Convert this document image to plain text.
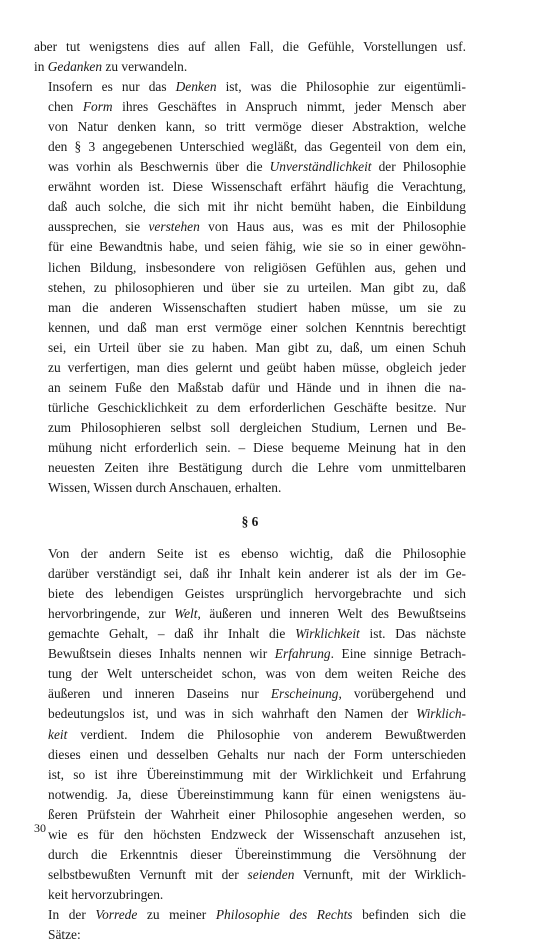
aber tut wenigstens dies auf allen Fall, die Gefühle, Vorstellungen usf.
in Gedanken zu verwandeln.

Insofern es nur das Denken ist, was die Philosophie zur eigentümli-
chen Form ihres Geschäftes in Anspruch nimmt, jeder Mensch aber
von Natur denken kann, so tritt vermöge dieser Abstraktion, welche
den § 3 angegebenen Unterschied wegläßt, das Gegenteil von dem ein,
was vorhin als Beschwernis über die Unverständlichkeit der Philosophie
erwähnt worden ist. Diese Wissenschaft erfährt häufig die Verachtung,
daß auch solche, die sich mit ihr nicht bemüht haben, die Einbildung
aussprechen, sie verstehen von Haus aus, was es mit der Philosophie
für eine Bewandtnis habe, und seien fähig, wie sie so in einer gewöhn-
lichen Bildung, insbesondere von religiösen Gefühlen aus, gehen und
stehen, zu philosophieren und über sie zu urteilen. Man gibt zu, daß
man die anderen Wissenschaften studiert haben müsse, um sie zu
kennen, und daß man erst vermöge einer solchen Kenntnis berechtigt
sei, ein Urteil über sie zu haben. Man gibt zu, daß, um einen Schuh
zu verfertigen, man dies gelernt und geübt haben müsse, obgleich jeder
an seinem Fuße den Maßstab dafür und Hände und in ihnen die na-
türliche Geschicklichkeit zu dem erforderlichen Geschäfte besitze. Nur
zum Philosophieren selbst soll dergleichen Studium, Lernen und Be-
mühung nicht erforderlich sein. – Diese bequeme Meinung hat in den
neuesten Zeiten ihre Bestätigung durch die Lehre vom unmittelbaren
Wissen, Wissen durch Anschauen, erhalten.

§ 6

Von der andern Seite ist es ebenso wichtig, daß die Philosophie
darüber verständigt sei, daß ihr Inhalt kein anderer ist als der im Ge-
biete des lebendigen Geistes ursprünglich hervorgebrachte und sich
hervorbringende, zur Welt, äußeren und inneren Welt des Bewußtseins
gemachte Gehalt, – daß ihr Inhalt die Wirklichkeit ist. Das nächste
Bewußtsein dieses Inhalts nennen wir Erfahrung. Eine sinnige Betrach-
tung der Welt unterscheidet schon, was von dem weiten Reiche des
äußeren und inneren Daseins nur Erscheinung, vorübergehend und
bedeutungslos ist, und was in sich wahrhaft den Namen der Wirklich-
keit verdient. Indem die Philosophie von anderem Bewußtwerden
dieses einen und desselben Gehalts nur nach der Form unterschieden
ist, so ist ihre Übereinstimmung mit der Wirklichkeit und Erfahrung
notwendig. Ja, diese Übereinstimmung kann für einen wenigstens äu-
ßeren Prüfstein der Wahrheit einer Philosophie angesehen werden, so
wie es für den höchsten Endzweck der Wissenschaft anzusehen ist,
durch die Erkenntnis dieser Übereinstimmung die Versöhnung der
selbstbewußten Vernunft mit der seienden Vernunft, mit der Wirklich-
keit hervorzubringen.

In der Vorrede zu meiner Philosophie des Rechts befinden sich die
Sätze:

30
